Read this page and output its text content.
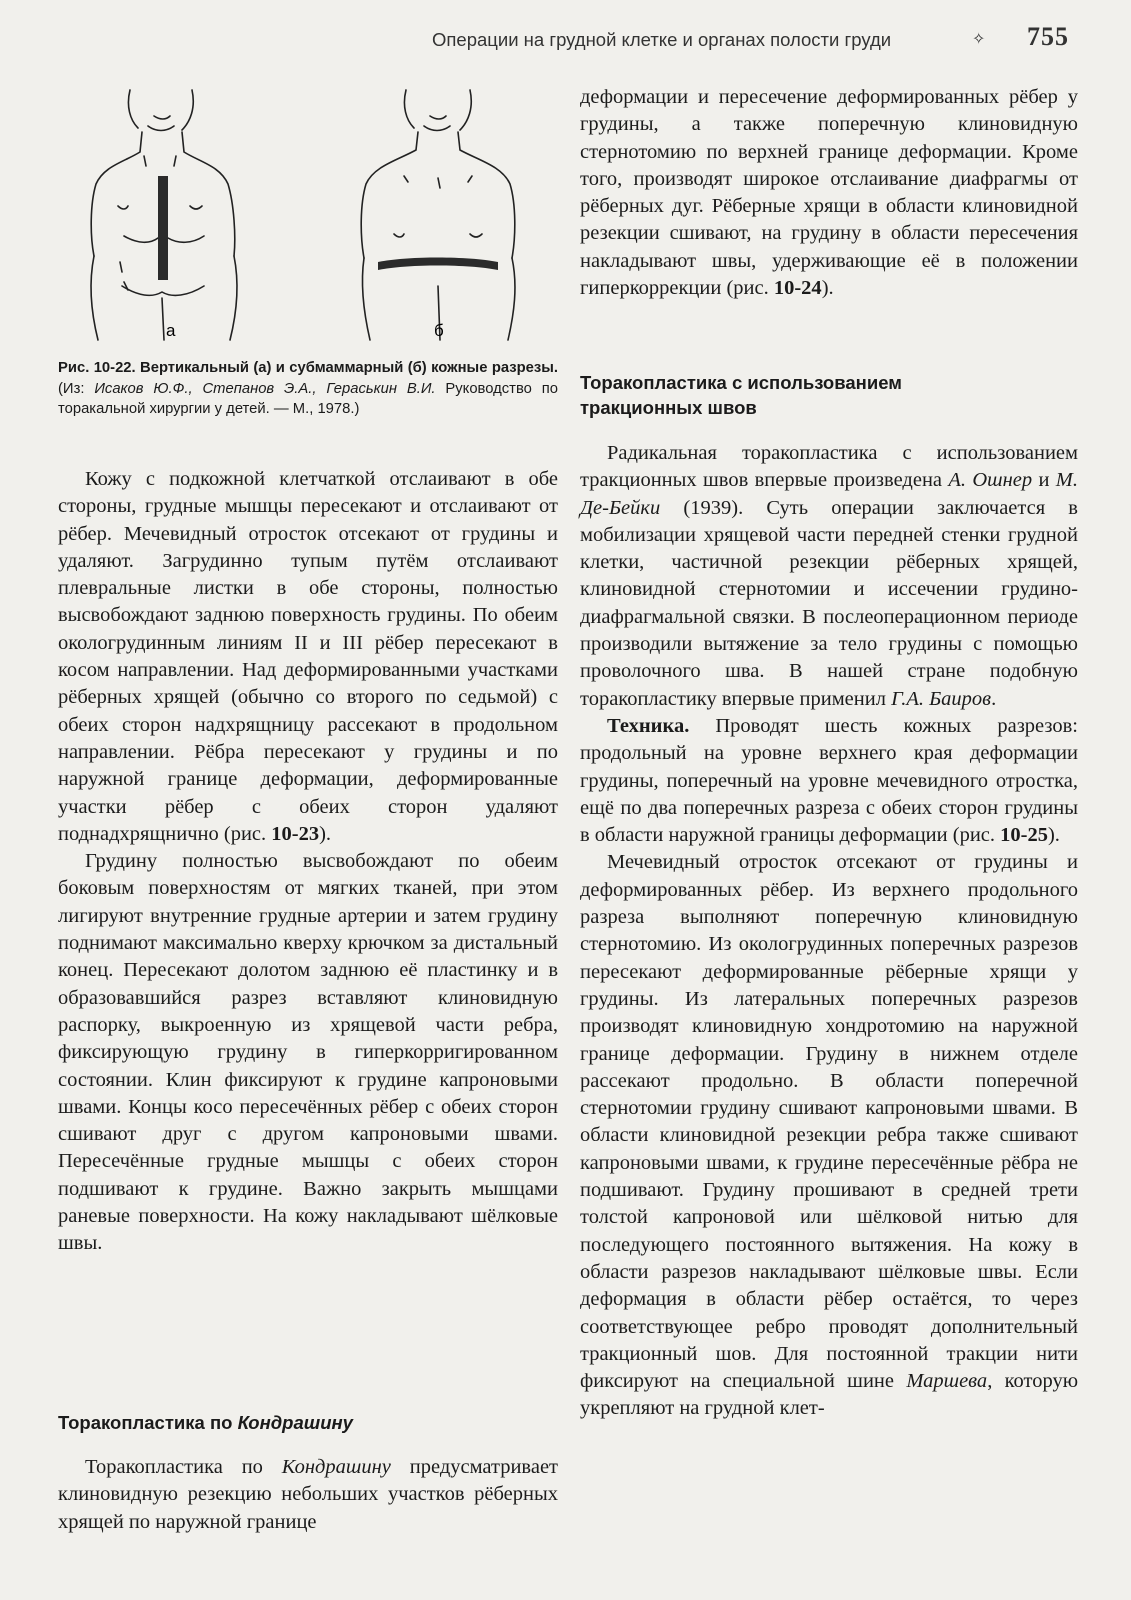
Операции на грудной клетке и органах полости груди	✧ 755
а	б
Рис. 10-22. Вертикальный (а) и субмаммарный (б) кожные разрезы. (Из: Исаков Ю.Ф., Степанов Э.А., Гераськин В.И. Руководство по торакальной хирургии у детей. — М., 1978.)

Кожу с подкожной клетчаткой отслаивают в обе стороны, грудные мышцы пересекают и отслаивают от рёбер. Мечевидный отросток отсекают от грудины и удаляют. Загрудинно тупым путём отслаивают плевральные листки в обе стороны, полностью высвобождают заднюю поверхность грудины. По обеим окологрудинным линиям II и III рёбер пересекают в косом направлении. Над деформированными участками рёберных хрящей (обычно со второго по седьмой) с обеих сторон надхрящницу рассекают в продольном направлении. Рёбра пересекают у грудины и по наружной границе деформации, деформированные участки рёбер с обеих сторон удаляют поднадхрящнично (рис. 10-23).

Грудину полностью высвобождают по обеим боковым поверхностям от мягких тканей, при этом лигируют внутренние грудные артерии и затем грудину поднимают максимально кверху крючком за дистальный конец. Пересекают долотом заднюю её пластинку и в образовавшийся разрез вставляют клиновидную распорку, выкроенную из хрящевой части ребра, фиксирующую грудину в гиперкорригированном состоянии. Клин фиксируют к грудине капроновыми швами. Концы косо пересечённых рёбер с обеих сторон сшивают друг с другом капроновыми швами. Пересечённые грудные мышцы с обеих сторон подшивают к грудине. Важно закрыть мышцами раневые поверхности. На кожу накладывают шёлковые швы.

Торакопластика по Кондрашину

Торакопластика по Кондрашину предусматривает клиновидную резекцию небольших участков рёберных хрящей по наружной границе

деформации и пересечение деформированных рёбер у грудины, а также поперечную клиновидную стернотомию по верхней границе деформации. Кроме того, производят широкое отслаивание диафрагмы от рёберных дуг. Рёберные хрящи в области клиновидной резекции сшивают, на грудину в области пересечения накладывают швы, удерживающие её в положении гиперкоррекции (рис. 10-24).

Торакопластика с использованием тракционных швов

Радикальная торакопластика с использованием тракционных швов впервые произведена А. Ошнер и М. Де-Бейки (1939). Суть операции заключается в мобилизации хрящевой части передней стенки грудной клетки, частичной резекции рёберных хрящей, клиновидной стернотомии и иссечении грудино-диафрагмальной связки. В послеоперационном периоде производили вытяжение за тело грудины с помощью проволочного шва. В нашей стране подобную торакопластику впервые применил Г.А. Баиров.

Техника. Проводят шесть кожных разрезов: продольный на уровне верхнего края деформации грудины, поперечный на уровне мечевидного отростка, ещё по два поперечных разреза с обеих сторон грудины в области наружной границы деформации (рис. 10-25).

Мечевидный отросток отсекают от грудины и деформированных рёбер. Из верхнего продольного разреза выполняют поперечную клиновидную стернотомию. Из окологрудинных поперечных разрезов пересекают деформированные рёберные хрящи у грудины. Из латеральных поперечных разрезов производят клиновидную хондротомию на наружной границе деформации. Грудину в нижнем отделе рассекают продольно. В области поперечной стернотомии грудину сшивают капроновыми швами. В области клиновидной резекции ребра также сшивают капроновыми швами, к грудине пересечённые рёбра не подшивают. Грудину прошивают в средней трети толстой капроновой или шёлковой нитью для последующего постоянного вытяжения. На кожу в области разрезов накладывают шёлковые швы. Если деформация в области рёбер остаётся, то через соответствующее ребро проводят дополнительный тракционный шов. Для постоянной тракции нити фиксируют на специальной шине Маршева, которую укрепляют на грудной клет-
